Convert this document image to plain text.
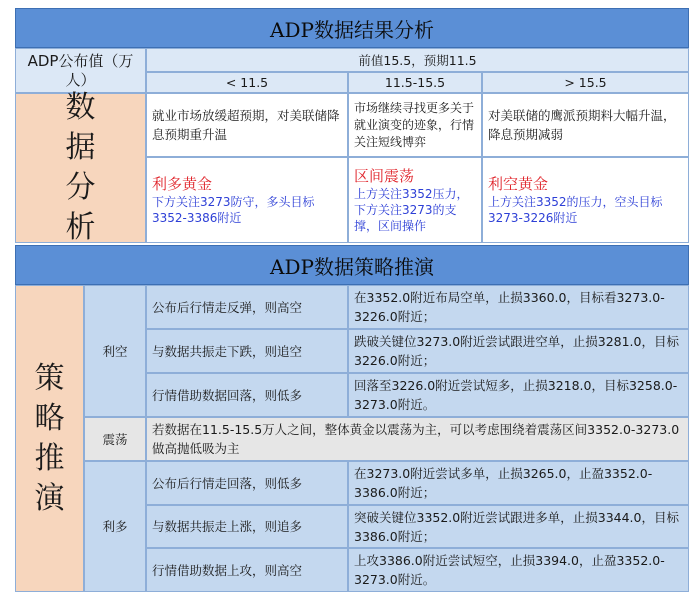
ADP数据结果分析
ADP公布值（万人）
前值15.5，预期11.5
< 11.5	11.5-15.5	> 15.5
数
据
分
析
就业市场放缓超预期，对美联储降息预期重升温
市场继续寻找更多关于就业演变的迹象，行情关注短线博弈
对美联储的鹰派预期料大幅升温，降息预期减弱
利多黄金
下方关注3273防守，多头目标3352-3386附近
区间震荡
上方关注3352压力，下方关注3273的支撑，区间操作
利空黄金
上方关注3352的压力，空头目标3273-3226附近
ADP数据策略推演
策
略
推
演
利空
公布后行情走反弹，则高空
在3352.0附近布局空单，止损3360.0，目标看3273.0-3226.0附近；
与数据共振走下跌，则追空
跌破关键位3273.0附近尝试跟进空单，止损3281.0，目标3226.0附近；
行情借助数据回落，则低多
回落至3226.0附近尝试短多，止损3218.0，目标3258.0-3273.0附近。
震荡
若数据在11.5-15.5万人之间，整体黄金以震荡为主，可以考虑围绕着震荡区间3352.0-3273.0做高抛低吸为主
利多
公布后行情走回落，则低多
在3273.0附近尝试多单，止损3265.0，止盈3352.0-3386.0附近；
与数据共振走上涨，则追多
突破关键位3352.0附近尝试跟进多单，止损3344.0，目标3386.0附近；
行情借助数据上攻，则高空
上攻3386.0附近尝试短空，止损3394.0，止盈3352.0-3273.0附近。
